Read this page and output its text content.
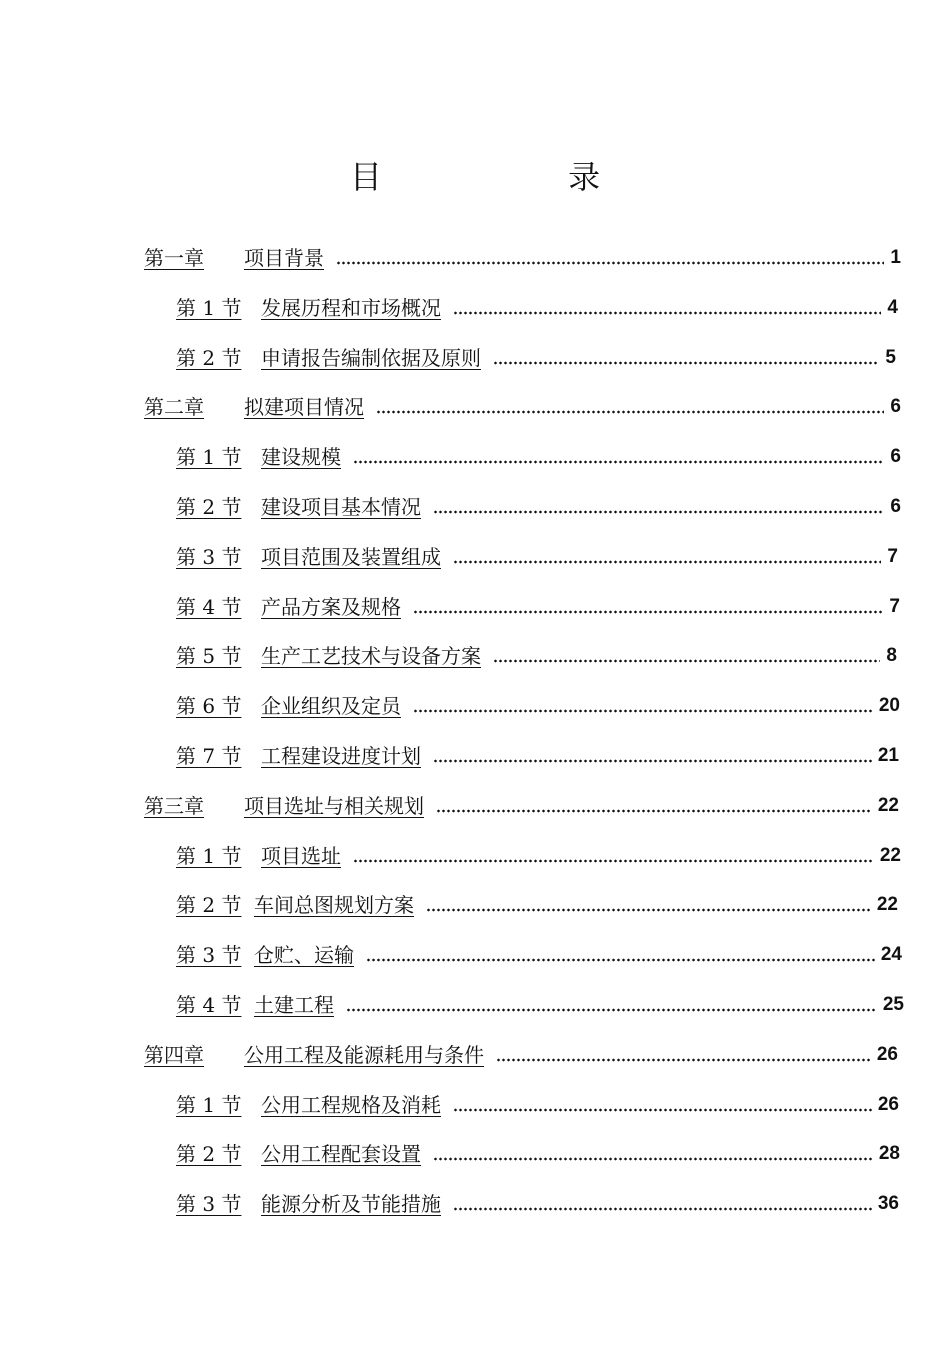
目 录
第一章	项目背景	1
第 1 节 发展历程和市场概况	4
第 2 节 申请报告编制依据及原则	5
第二章	拟建项目情况	6
第 1 节 建设规模	6
第 2 节 建设项目基本情况	6
第 3 节 项目范围及装置组成	7
第 4 节 产品方案及规格	7
第 5 节 生产工艺技术与设备方案	8
第 6 节 企业组织及定员	20
第 7 节 工程建设进度计划	21
第三章	项目选址与相关规划	22
第 1 节 项目选址	22
第 2 节 车间总图规划方案	22
第 3 节 仓贮、运输	24
第 4 节 土建工程	25
第四章	公用工程及能源耗用与条件	26
第 1 节 公用工程规格及消耗	26
第 2 节 公用工程配套设置	28
第 3 节 能源分析及节能措施	36
